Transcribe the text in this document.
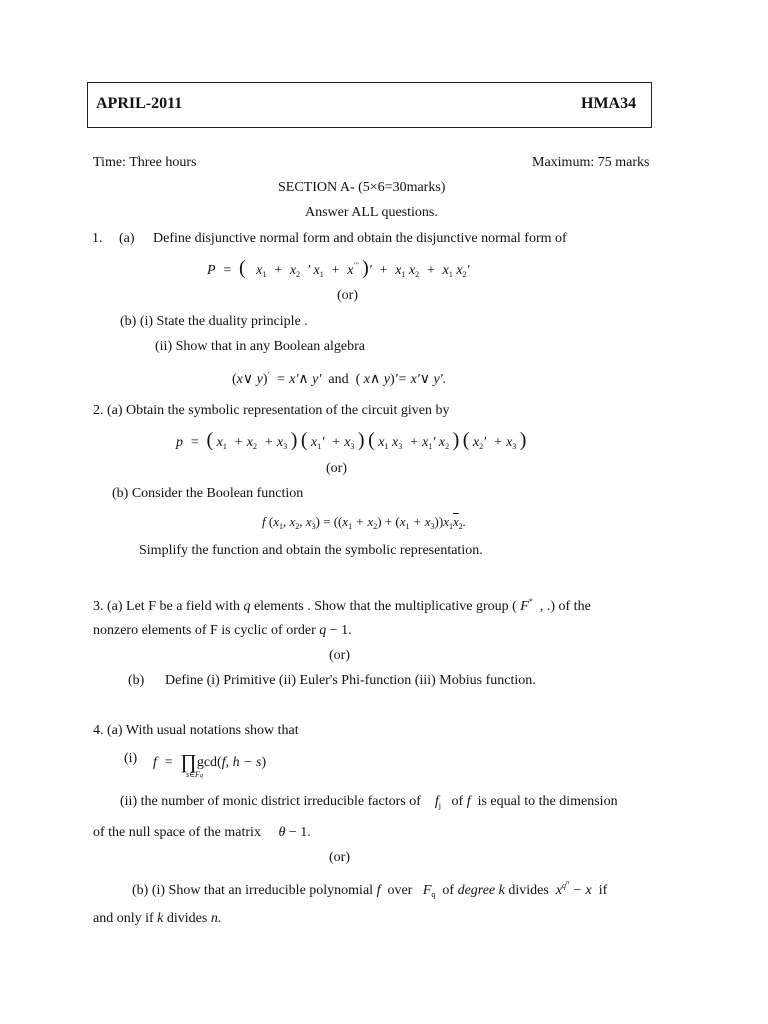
APRIL-2011	HMA34
Time: Three hours	Maximum: 75 marks
SECTION A- (5×6=30marks)
Answer ALL questions.
1. (a) Define disjunctive normal form and obtain the disjunctive normal form of
P  =  (   $x_1 + x_2$  ' $x_1 + x'''$ )'  +  $x_1$ $x_2 + x_1$ $x_2'$
(or)
(b) (i) State the duality principle .
(ii) Show that in any Boolean algebra
(x∨ y)′  = x'∧ y'  and ( x∧ y)'= x'∨ y'.
2. (a) Obtain the symbolic representation of the circuit given by
p  =  ( $x_1 + x_2 + x_3$ ) ( $x_1' + x_3$ ) ( $x_1$ $x_3 + x_1'$ $x_2$ ) ( $x_2' + x_3$ )
(or)
(b) Consider the Boolean function
f ($x_1$, $x_2$, $x_3) = ((x_1 + x_2) + (x_1 + x_3))x_1\overline{x}_2$.
Simplify the function and obtain the symbolic representation.
3. (a) Let F be a field with q elements . Show that the multiplicative group ( F* , .) of the
nonzero elements of F is cyclic of order q − 1.
(or)
(b) Define (i) Primitive (ii) Euler's Phi-function (iii) Mobius function.
4. (a) With usual notations show that
(i) f  =  ∏gcd(f, h − s)
s∈Fq
(ii) the number of monic district irreducible factors of $f_j$ of f is equal to the dimension
of the null space of the matrix θ − 1.
(or)
(b) (i) Show that an irreducible polynomial f over $F_q$ of degree k divides $x^{q^n} - x$ if
and only if k divides n.
